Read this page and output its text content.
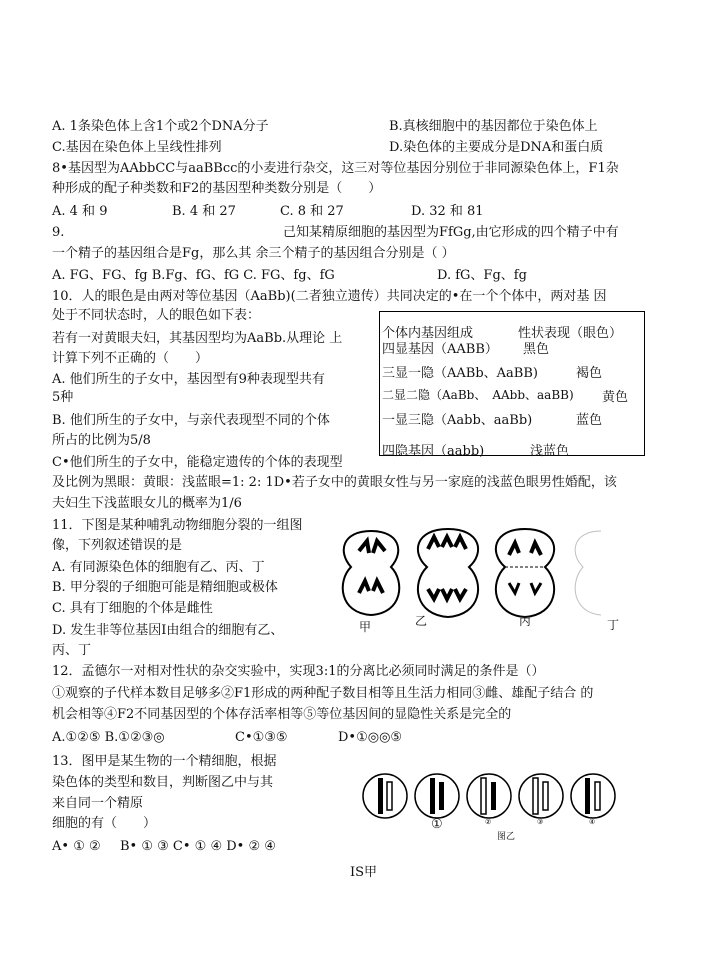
A. 1条染色体上含1个或2个DNA分子	B.真核细胞中的基因都位于染色体上
C.基因在染色体上呈线性排列	D.染色体的主要成分是DNA和蛋白质
8•基因型为AAbbCC与aaBBcc的小麦进行杂交，这三对等位基因分别位于非同源染色体上，F1杂
种形成的配子种类数和F2的基因型种类数分别是（　　）
A. 4 和 9	B. 4 和 27	C. 8 和 27	D. 32 和 81
9.	己知某精原细胞的基因型为FfGg,由它形成的四个精子中有
一个精子的基因组合是Fg，那么其 余三个精子的基因组合分别是（ ）
A. FG、FG、fg B.Fg、fG、fG C. FG、fg、fG	D. fG、Fg、fg
10．人的眼色是由两对等位基因（AaBb)(二者独立遗传）共同决定的•在一个个体中，两对基 因
处于不同状态时，人的眼色如下表：
若有一对黄眼夫妇，其基因型均为AaBb.从理论 上
计算下列不正确的（　　）
A. 他们所生的子女中，基因型有9种表现型共有
5种
B. 他们所生的子女中，与亲代表现型不同的个体
所占的比例为5/8
C•他们所生的子女中，能稳定遗传的个体的表现型
及比例为黑眼：黄眼：浅蓝眼=1: 2: 1D•若子女中的黄眼女性与另一家庭的浅蓝色眼男性婚配，该
夫妇生下浅蓝眼女儿的概率为1/6
个体内基因组成	性状表现（眼色）
四显基因（AABB） 黑色
三显一隐（AABb、AaBB)	褐色
二显二隐（AaBb、　AAbb、aaBB) 黄色
一显三隐（Aabb、aaBb)	蓝色
四隐基因（aabb)	浅蓝色
11．下图是某种哺乳动物细胞分裂的一组图
像，下列叙述错误的是
A. 有同源染色体的细胞有乙、丙、丁
B. 甲分裂的子细胞可能是精细胞或极体
C. 具有丁细胞的个体是雌性
D. 发生非等位基因I由组合的细胞有乙、
丙、丁
甲	乙	丙	丁
12．孟德尔一对相对性状的杂交实验中，实现3:1的分离比必须同时满足的条件是（）
①观察的子代样本数目足够多②F1形成的两种配子数目相等且生活力相同③雌、雄配子结合 的
机会相等④F2不同基因型的个体存活率相等⑤等位基因间的显隐性关系是完全的
A.①②⑤ B.①②③◎	C•①③⑤	D•①◎◎⑤
13．图甲是某生物的一个精细胞，根据
染色体的类型和数目，判断图乙中与其
来自同一个精原
细胞的有（　　）
A• ① ② B• ① ③ C• ① ④ D• ② ④
②	③	④
①
图乙
IS甲
